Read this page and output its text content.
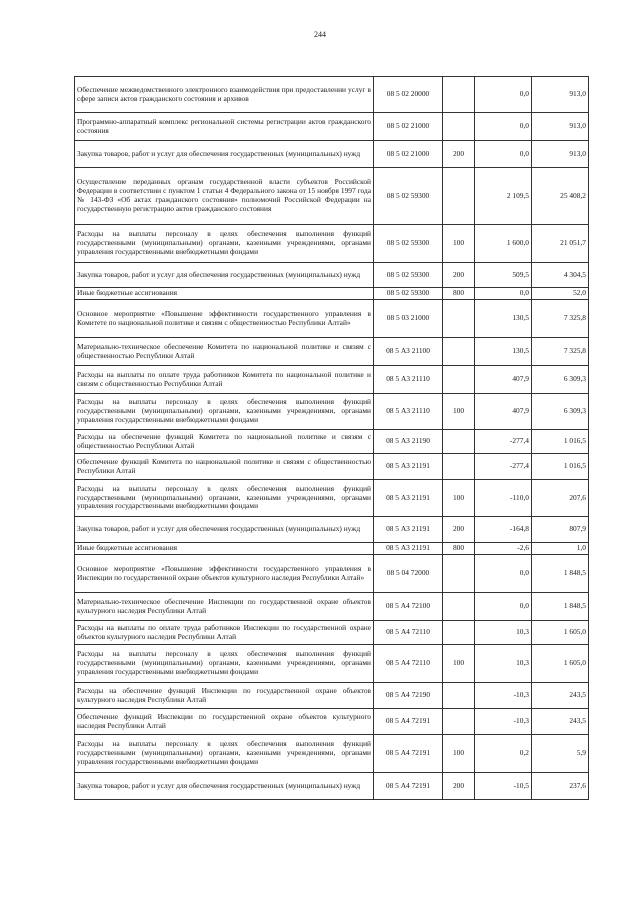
244
Обеспечение межведомственного электронного взаимодействия при предоставлении услуг в сфере записи актов гражданского состояния и архивов	08 5 02 20000		0,0	913,0
Программно-аппаратный комплекс региональной системы регистрации актов гражданского состояния	08 5 02 21000		0,0	913,0
Закупка товаров, работ и услуг для обеспечения государственных (муниципальных) нужд	08 5 02 21000	200	0,0	913,0
Осуществление переданных органам государственной власти субъектов Российской Федерации в соответствии с пунктом 1 статьи 4 Федерального закона от 15 ноября 1997 года № 143-ФЗ «Об актах гражданского состояния» полномочий Российской Федерации на государственную регистрацию актов гражданского состояния	08 5 02 59300		2 109,5	25 408,2
Расходы на выплаты персоналу в целях обеспечения выполнения функций государственными (муниципальными) органами, казенными учреждениями, органами управления государственными внебюджетными фондами	08 5 02 59300	100	1 600,0	21 051,7
Закупка товаров, работ и услуг для обеспечения государственных (муниципальных) нужд	08 5 02 59300	200	509,5	4 304,5
Иные бюджетные ассигнования	08 5 02 59300	800	0,0	52,0
Основное мероприятие «Повышение эффективности государственного управления в Комитете по национальной политике и связям с общественностью Республики Алтай»	08 5 03 21000		130,5	7 325,8
Материально-техническое обеспечение Комитета по национальной политике и связям с общественностью Республики Алтай	08 5 А3 21100		130,5	7 325,8
Расходы на выплаты по оплате труда работников Комитета по национальной политике и связям с общественностью Республики Алтай	08 5 А3 21110		407,9	6 309,3
Расходы на выплаты персоналу в целях обеспечения выполнения функций государственными (муниципальными) органами, казенными учреждениями, органами управления государственными внебюджетными фондами	08 5 А3 21110	100	407,9	6 309,3
Расходы на обеспечение функций Комитета по национальной политике и связям с общественностью Республики Алтай	08 5 А3 21190		-277,4	1 016,5
Обеспечение функций Комитета по национальной политике и связям с общественностью Республики Алтай	08 5 А3 21191		-277,4	1 016,5
Расходы на выплаты персоналу в целях обеспечения выполнения функций государственными (муниципальными) органами, казенными учреждениями, органами управления государственными внебюджетными фондами	08 5 А3 21191	100	-110,0	207,6
Закупка товаров, работ и услуг для обеспечения государственных (муниципальных) нужд	08 5 А3 21191	200	-164,8	807,9
Иные бюджетные ассигнования	08 5 А3 21191	800	-2,6	1,0
Основное мероприятие «Повышение эффективности государственного управления в Инспекции по государственной охране объектов культурного наследия Республики Алтай»	08 5 04 72000		0,0	1 848,5
Материально-техническое обеспечение Инспекции по государственной охране объектов культурного наследия Республики Алтай	08 5 А4 72100		0,0	1 848,5
Расходы на выплаты по оплате труда работников Инспекции по государственной охране объектов культурного наследия Республики Алтай	08 5 А4 72110		10,3	1 605,0
Расходы на выплаты персоналу в целях обеспечения выполнения функций государственными (муниципальными) органами, казенными учреждениями, органами управления государственными внебюджетными фондами	08 5 А4 72110	100	10,3	1 605,0
Расходы на обеспечение функций Инспекции по государственной охране объектов культурного наследия Республики Алтай	08 5 А4 72190		-10,3	243,5
Обеспечение функций Инспекции по государственной охране объектов культурного наследия Республики Алтай	08 5 А4 72191		-10,3	243,5
Расходы на выплаты персоналу в целях обеспечения выполнения функций государственными (муниципальными) органами, казенными учреждениями, органами управления государственными внебюджетными фондами	08 5 А4 72191	100	0,2	5,9
Закупка товаров, работ и услуг для обеспечения государственных (муниципальных) нужд	08 5 А4 72191	200	-10,5	237,6
